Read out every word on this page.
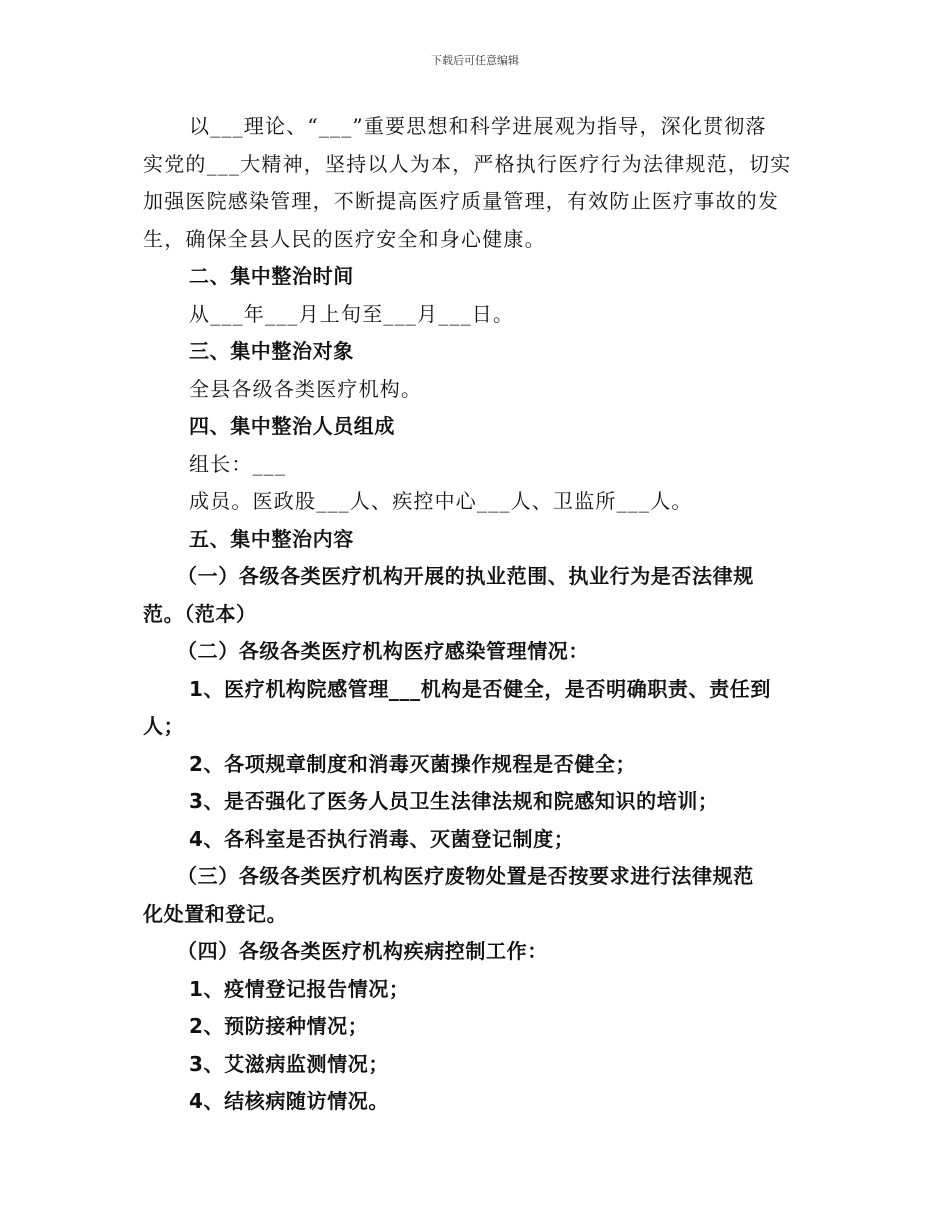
下载后可任意编辑
以___理论、“___”重要思想和科学进展观为指导，深化贯彻落
实党的___大精神，坚持以人为本，严格执行医疗行为法律规范，切实
加强医院感染管理，不断提高医疗质量管理，有效防止医疗事故的发
生，确保全县人民的医疗安全和身心健康。
二、集中整治时间
从___年___月上旬至___月___日。
三、集中整治对象
全县各级各类医疗机构。
四、集中整治人员组成
组长：___
成员。医政股___人、疾控中心___人、卫监所___人。
五、集中整治内容
（一）各级各类医疗机构开展的执业范围、执业行为是否法律规
范。（范本）
（二）各级各类医疗机构医疗感染管理情况：
1、医疗机构院感管理___机构是否健全，是否明确职责、责任到
人；
2、各项规章制度和消毒灭菌操作规程是否健全；
3、是否强化了医务人员卫生法律法规和院感知识的培训；
4、各科室是否执行消毒、灭菌登记制度；
（三）各级各类医疗机构医疗废物处置是否按要求进行法律规范
化处置和登记。
（四）各级各类医疗机构疾病控制工作：
1、疫情登记报告情况；
2、预防接种情况；
3、艾滋病监测情况；
4、结核病随访情况。
